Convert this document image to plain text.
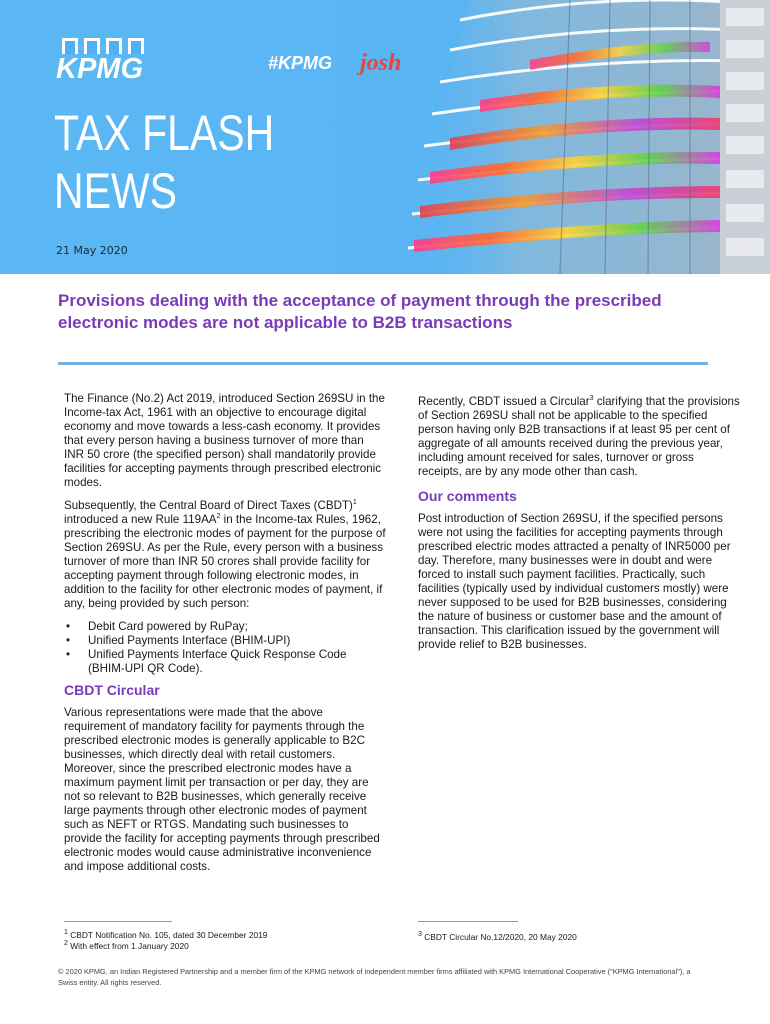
KPMG	#KPMG josh
TAX FLASH
NEWS
21 May 2020
Provisions dealing with the acceptance of payment through the prescribed electronic modes are not applicable to B2B transactions

The Finance (No.2) Act 2019, introduced Section 269SU in the Income-tax Act, 1961 with an objective to encourage digital economy and move towards a less-cash economy. It provides that every person having a business turnover of more than INR 50 crore (the specified person) shall mandatorily provide facilities for accepting payments through prescribed electronic modes.

Subsequently, the Central Board of Direct Taxes (CBDT)$^1$ introduced a new Rule $119AA^2$ in the Income-tax Rules, 1962, prescribing the electronic modes of payment for the purpose of Section 269SU. As per the Rule, every person with a business turnover of more than INR 50 crores shall provide facility for accepting payment through following electronic modes, in addition to the facility for other electronic modes of payment, if any, being provided by such person:

• Debit Card powered by RuPay;
• Unified Payments Interface (BHIM-UPI)
• Unified Payments Interface Quick Response Code (BHIM-UPI QR Code).
CBDT Circular

Various representations were made that the above requirement of mandatory facility for payments through the prescribed electronic modes is generally applicable to B2C businesses, which directly deal with retail customers. Moreover, since the prescribed electronic modes have a maximum payment limit per transaction or per day, they are not so relevant to B2B businesses, which generally receive large payments through other electronic modes of payment such as NEFT or RTGS. Mandating such businesses to provide the facility for accepting payments through prescribed electronic modes would cause administrative inconvenience and impose additional costs.

Recently, CBDT issued a Circular$^3$ clarifying that the provisions of Section 269SU shall not be applicable to the specified person having only B2B transactions if at least 95 per cent of aggregate of all amounts received during the previous year, including amount received for sales, turnover or gross receipts, are by any mode other than cash.

Our comments

Post introduction of Section 269SU, if the specified persons were not using the facilities for accepting payments through prescribed electric modes attracted a penalty of INR5000 per day. Therefore, many businesses were in doubt and were forced to install such payment facilities. Practically, such facilities (typically used by individual customers mostly) were never supposed to be used for B2B businesses, considering the nature of business or customer base and the amount of transaction. This clarification issued by the government will provide relief to B2B businesses.

$^1$ CBDT Notification No. 105, dated 30 December 2019
$^2$ With effect from 1 January 2020
$^3$ CBDT Circular No.12/2020, 20 May 2020
© 2020 KPMG, an Indian Registered Partnership and a member firm of the KPMG network of independent member firms affiliated with KPMG International Cooperative ("KPMG International"), a Swiss entity. All rights reserved.
